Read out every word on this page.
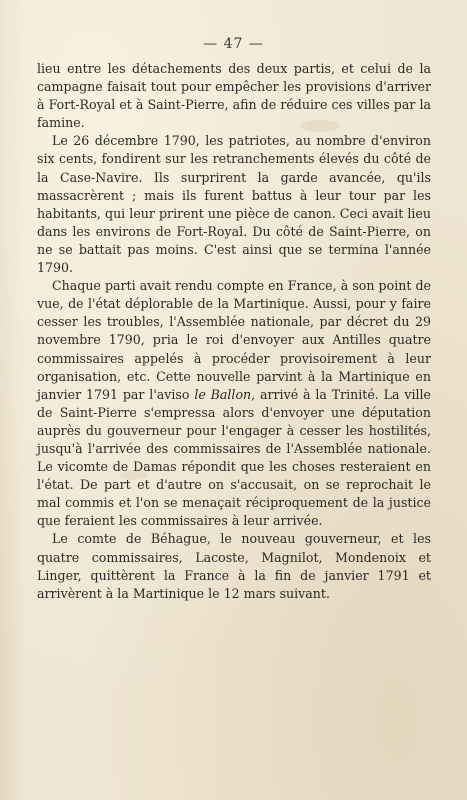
— 47 —

lieu entre les détachements des deux partis, et celui de la campagne faisait tout pour empêcher les provisions d'arriver à Fort-Royal et à Saint-Pierre, afin de réduire ces villes par la famine.

Le 26 décembre 1790, les patriotes, au nombre d'environ six cents, fondirent sur les retranchements élevés du côté de la Case-Navire. Ils surprirent la garde avancée, qu'ils massacrèrent ; mais ils furent battus à leur tour par les habitants, qui leur prirent une pièce de canon. Ceci avait lieu dans les environs de Fort-Royal. Du côté de Saint-Pierre, on ne se battait pas moins. C'est ainsi que se termina l'année 1790.

Chaque parti avait rendu compte en France, à son point de vue, de l'état déplorable de la Martinique. Aussi, pour y faire cesser les troubles, l'Assemblée nationale, par décret du 29 novembre 1790, pria le roi d'envoyer aux Antilles quatre commissaires appelés à procéder provisoirement à leur organisation, etc. Cette nouvelle parvint à la Martinique en janvier 1791 par l'aviso le Ballon, arrivé à la Trinité. La ville de Saint-Pierre s'empressa alors d'envoyer une députation auprès du gouverneur pour l'engager à cesser les hostilités, jusqu'à l'arrivée des commissaires de l'Assemblée nationale. Le vicomte de Damas répondit que les choses resteraient en l'état. De part et d'autre on s'accusait, on se reprochait le mal commis et l'on se menaçait réciproquement de la justice que feraient les commissaires à leur arrivée.

Le comte de Béhague, le nouveau gouverneur, et les quatre commissaires, Lacoste, Magnilot, Mondenoix et Linger, quittèrent la France à la fin de janvier 1791 et arrivèrent à la Martinique le 12 mars suivant.
